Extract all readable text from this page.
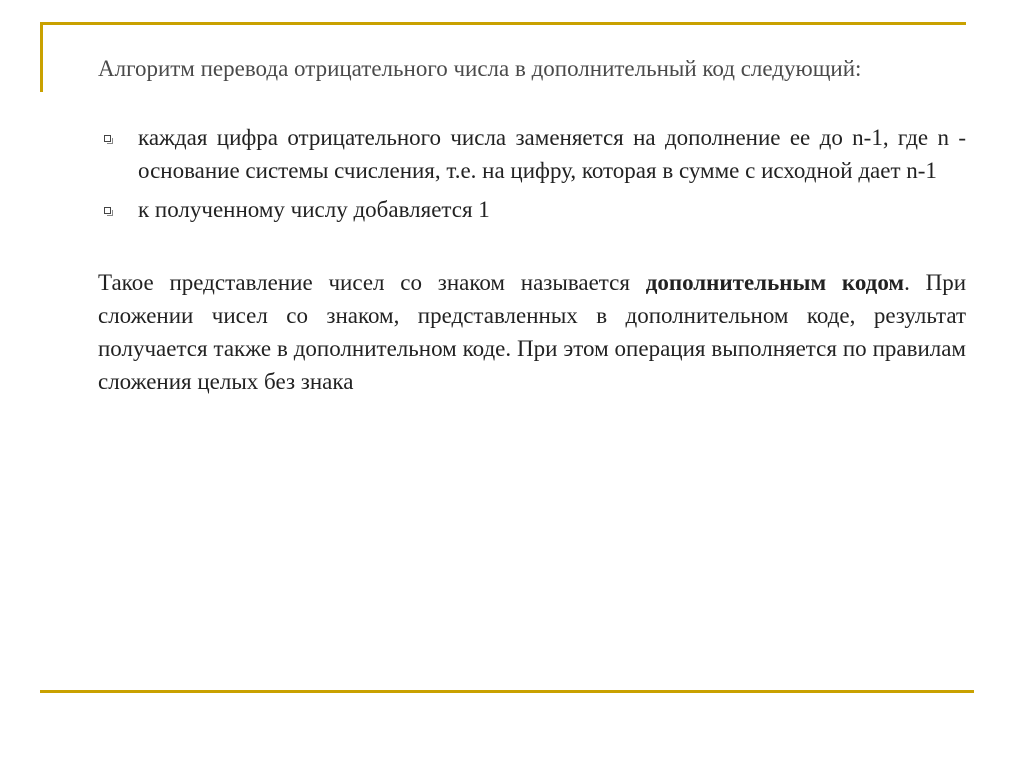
Алгоритм перевода отрицательного числа в дополнительный код следующий:

каждая цифра отрицательного числа заменяется на дополнение ее до n-1, где n - основание системы счисления, т.е. на цифру, которая в сумме с исходной дает n-1
к полученному числу добавляется 1

Такое представление чисел со знаком называется дополнительным кодом. При сложении чисел со знаком, представленных в дополнительном коде, результат получается также в дополнительном коде. При этом операция выполняется по правилам сложения целых без знака
